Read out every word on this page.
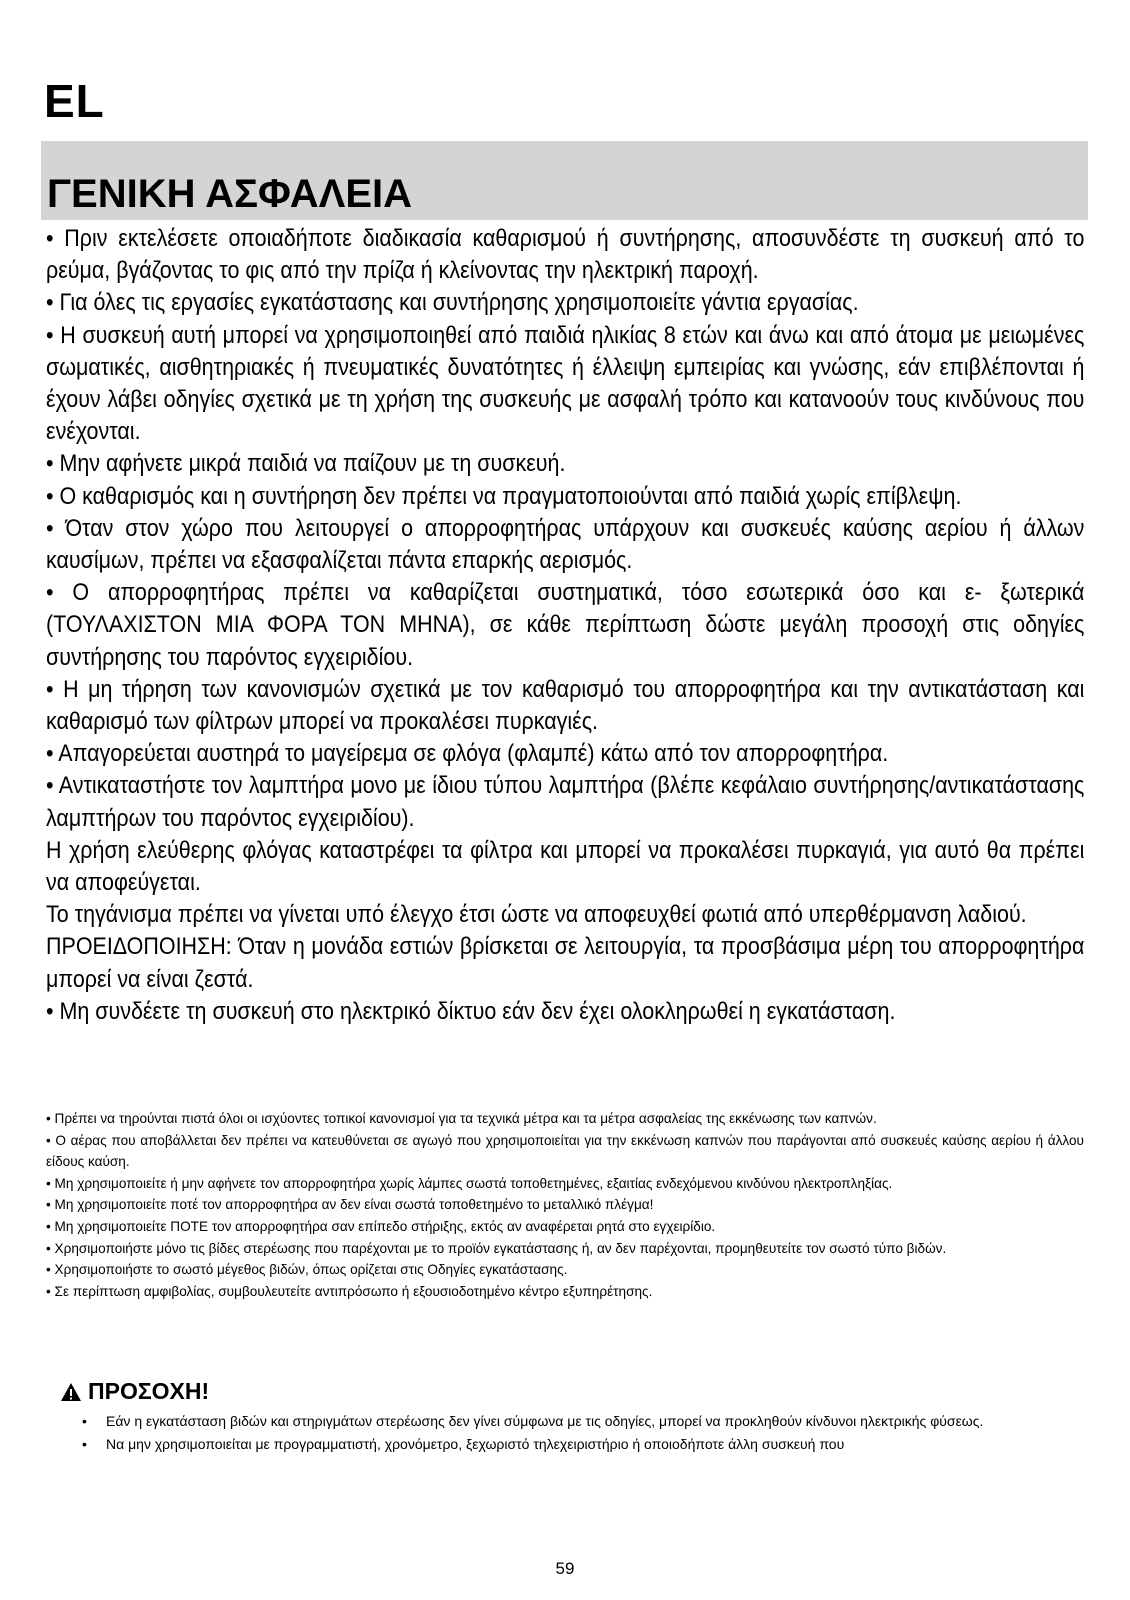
EL
ΓΕΝΙΚΗ ΑΣΦΑΛΕΙΑ

• Πριν εκτελέσετε οποιαδήποτε διαδικασία καθαρισμού ή συντήρησης, αποσυνδέστε τη συσκευή από το ρεύμα, βγάζοντας το φις από την πρίζα ή κλείνοντας την ηλεκτρική παροχή.

• Για όλες τις εργασίες εγκατάστασης και συντήρησης χρησιμοποιείτε γάντια εργασίας.

• Η συσκευή αυτή μπορεί να χρησιμοποιηθεί από παιδιά ηλικίας 8 ετών και άνω και από άτομα με μειωμένες σωματικές, αισθητηριακές ή πνευματικές δυνατότητες ή έλλειψη εμπειρίας και γνώσης, εάν επιβλέπονται ή έχουν λάβει οδηγίες σχετικά με τη χρήση της συσκευής με ασφαλή τρόπο και κατανοούν τους κινδύνους που ενέχονται.

• Μην αφήνετε μικρά παιδιά να παίζουν με τη συσκευή.

• Ο καθαρισμός και η συντήρηση δεν πρέπει να πραγματοποιούνται από παιδιά χωρίς επίβλεψη.

• Όταν στον χώρο που λειτουργεί ο απορροφητήρας υπάρχουν και συσκευές καύσης αερίου ή άλλων καυσίμων, πρέπει να εξασφαλίζεται πάντα επαρκής αερισμός.

• Ο απορροφητήρας πρέπει να καθαρίζεται συστηματικά, τόσο εσωτερικά όσο και ε- ξωτερικά (ΤΟΥΛΑΧΙΣΤΟΝ ΜΙΑ ΦΟΡΑ ΤΟΝ ΜΗΝΑ), σε κάθε περίπτωση δώστε μεγάλη προσοχή στις οδηγίες συντήρησης του παρόντος εγχειριδίου.

• Η μη τήρηση των κανονισμών σχετικά με τον καθαρισμό του απορροφητήρα και την αντικατάσταση και καθαρισμό των φίλτρων μπορεί να προκαλέσει πυρκαγιές.

• Απαγορεύεται αυστηρά το μαγείρεμα σε φλόγα (φλαμπέ) κάτω από τον απορροφητήρα.

• Αντικαταστήστε τον λαμπτήρα μονο με ίδιου τύπου λαμπτήρα (βλέπε κεφάλαιο συντήρησης/αντικατάστασης λαμπτήρων του παρόντος εγχειριδίου).

Η χρήση ελεύθερης φλόγας καταστρέφει τα φίλτρα και μπορεί να προκαλέσει πυρκαγιά, για αυτό θα πρέπει να αποφεύγεται.

Το τηγάνισμα πρέπει να γίνεται υπό έλεγχο έτσι ώστε να αποφευχθεί φωτιά από υπερθέρμανση λαδιού.

ΠΡΟΕΙΔΟΠΟΙΗΣΗ: Όταν η μονάδα εστιών βρίσκεται σε λειτουργία, τα προσβάσιμα μέρη του απορροφητήρα μπορεί να είναι ζεστά.

• Μη συνδέετε τη συσκευή στο ηλεκτρικό δίκτυο εάν δεν έχει ολοκληρωθεί η εγκατάσταση.

• Πρέπει να τηρούνται πιστά όλοι οι ισχύοντες τοπικοί κανονισμοί για τα τεχνικά μέτρα και τα μέτρα ασφαλείας της εκκένωσης των καπνών.

• Ο αέρας που αποβάλλεται δεν πρέπει να κατευθύνεται σε αγωγό που χρησιμοποιείται για την εκκένωση καπνών που παράγονται από συσκευές καύσης αερίου ή άλλου είδους καύση.

• Μη χρησιμοποιείτε ή μην αφήνετε τον απορροφητήρα χωρίς λάμπες σωστά τοποθετημένες, εξαιτίας ενδεχόμενου κινδύνου ηλεκτροπληξίας.

• Μη χρησιμοποιείτε ποτέ τον απορροφητήρα αν δεν είναι σωστά τοποθετημένο το μεταλλικό πλέγμα!

• Μη χρησιμοποιείτε ΠΟΤΕ τον απορροφητήρα σαν επίπεδο στήριξης, εκτός αν αναφέρεται ρητά στο εγχειρίδιο.

• Χρησιμοποιήστε μόνο τις βίδες στερέωσης που παρέχονται με το προϊόν εγκατάστασης ή, αν δεν παρέχονται, προμηθευτείτε τον σωστό τύπο βιδών.

• Χρησιμοποιήστε το σωστό μέγεθος βιδών, όπως ορίζεται στις Οδηγίες εγκατάστασης.

• Σε περίπτωση αμφιβολίας, συμβουλευτείτε αντιπρόσωπο ή εξουσιοδοτημένο κέντρο εξυπηρέτησης.

ΠΡΟΣΟΧΗ!
• Εάν η εγκατάσταση βιδών και στηριγμάτων στερέωσης δεν γίνει σύμφωνα με τις οδηγίες, μπορεί να προκληθούν κίνδυνοι ηλεκτρικής φύσεως.
• Να μην χρησιμοποιείται με προγραμματιστή, χρονόμετρο, ξεχωριστό τηλεχειριστήριο ή οποιοδήποτε άλλη συσκευή που
59
